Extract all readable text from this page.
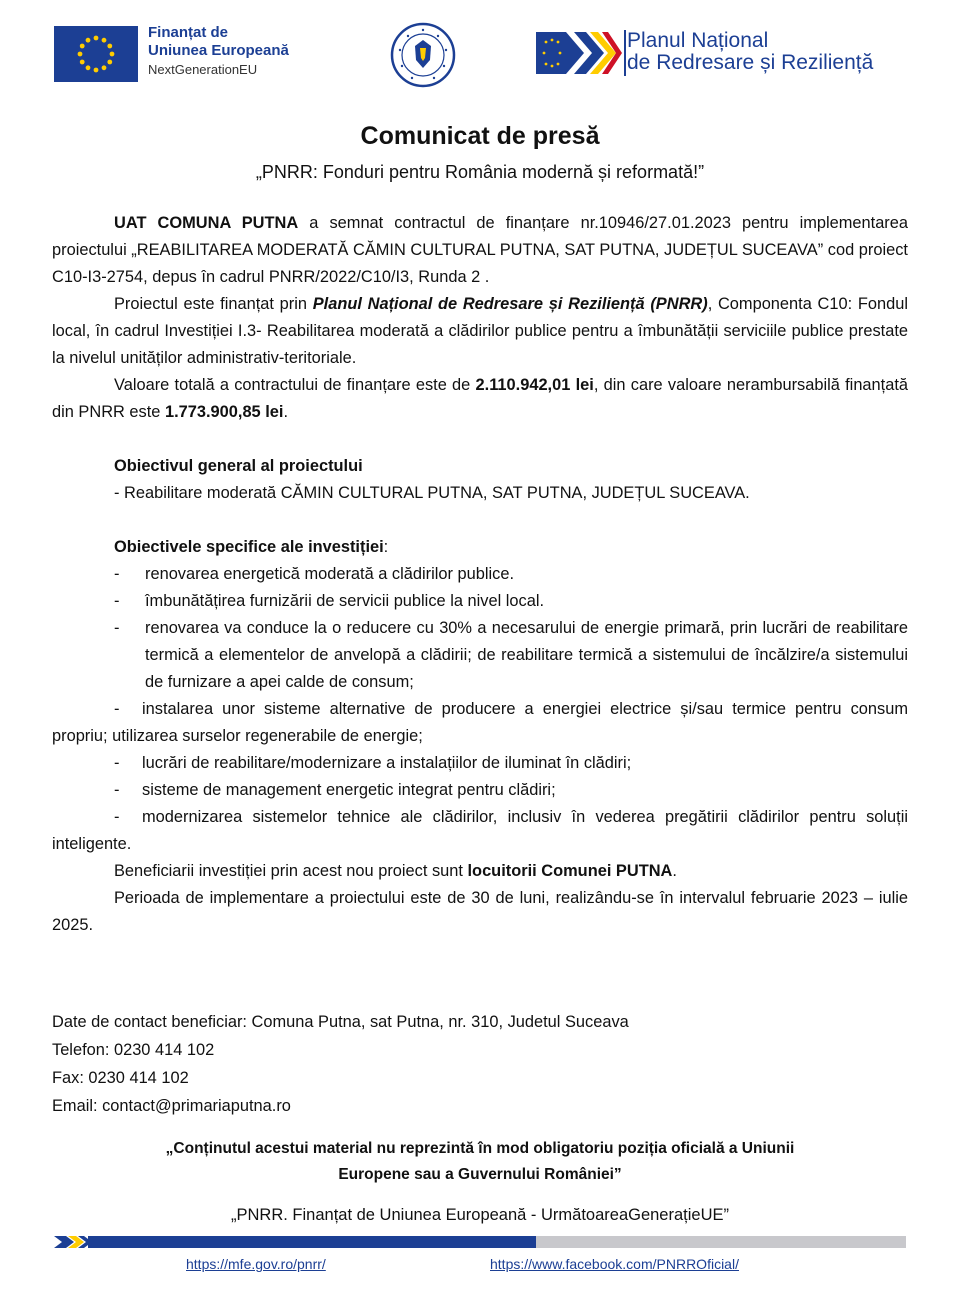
Finanțat de
Uniunea Europeană
NextGenerationEU
Planul Național
de Redresare și Reziliență
Comunicat de presă
„PNRR: Fonduri pentru România modernă și reformată!”

UAT COMUNA PUTNA a semnat contractul de finanțare nr.10946/27.01.2023 pentru implementarea proiectului „REABILITAREA MODERATĂ CĂMIN CULTURAL PUTNA, SAT PUTNA, JUDEȚUL SUCEAVA” cod proiect C10-I3-2754, depus în cadrul PNRR/2022/C10/I3, Runda 2 .

Proiectul este finanțat prin Planul Național de Redresare și Reziliență (PNRR), Componenta C10: Fondul local, în cadrul Investiției I.3- Reabilitarea moderată a clădirilor publice pentru a îmbunătății serviciile publice prestate la nivelul unităților administrativ-teritoriale.

Valoare totală a contractului de finanțare este de 2.110.942,01 lei, din care valoare nerambursabilă finanțată din PNRR este 1.773.900,85 lei.

Obiectivul general al proiectului

- Reabilitare moderată CĂMIN CULTURAL PUTNA, SAT PUTNA, JUDEȚUL SUCEAVA.

Obiectivele specifice ale investiției:

- renovarea energetică moderată a clădirilor publice.
- îmbunătățirea furnizării de servicii publice la nivel local.
- renovarea va conduce la o reducere cu 30% a necesarului de energie primară, prin lucrări de reabilitare termică a elementelor de anvelopă a clădirii; de reabilitare termică a sistemului de încălzire/a sistemului de furnizare a apei calde de consum;
- instalarea unor sisteme alternative de producere a energiei electrice și/sau termice pentru consum propriu; utilizarea surselor regenerabile de energie;
- lucrări de reabilitare/modernizare a instalațiilor de iluminat în clădiri;
- sisteme de management energetic integrat pentru clădiri;
- modernizarea sistemelor tehnice ale clădirilor, inclusiv în vederea pregătirii clădirilor pentru soluții inteligente.

Beneficiarii investiției prin acest nou proiect sunt locuitorii Comunei PUTNA.

Perioada de implementare a proiectului este de 30 de luni, realizându-se în intervalul februarie 2023 – iulie 2025.

Date de contact beneficiar: Comuna Putna, sat Putna, nr. 310, Judetul Suceava
Telefon: 0230 414 102
Fax: 0230 414 102
Email: contact@primariaputna.ro
„Conținutul acestui material nu reprezintă în mod obligatoriu poziția oficială a Uniunii
Europene sau a Guvernului României”
„PNRR. Finanțat de Uniunea Europeană - UrmătoareaGenerațieUE”
https://mfe.gov.ro/pnrr/	https://www.facebook.com/PNRROficial/
